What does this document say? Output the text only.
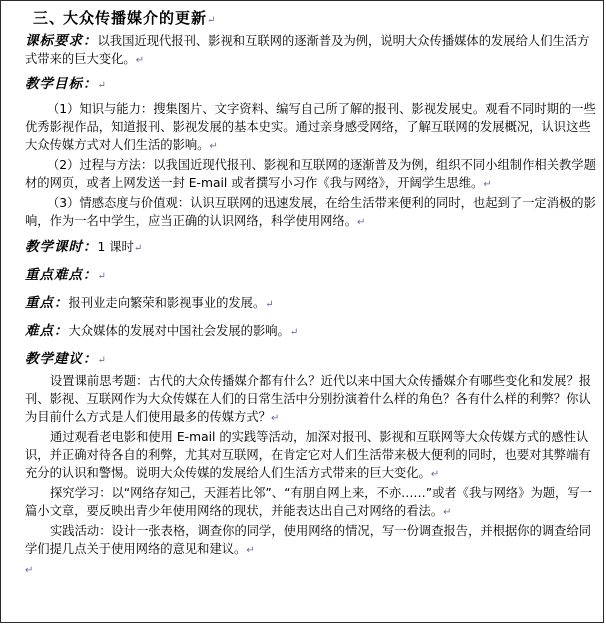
三、大众传播媒介的更新↵

课标要求：以我国近现代报刊、影视和互联网的逐渐普及为例，说明大众传播媒体的发展给人们生活方式带来的巨大变化。↵

教学目标：↵

（1）知识与能力：搜集图片、文字资料、编写自己所了解的报刊、影视发展史。观看不同时期的一些优秀影视作品，知道报刊、影视发展的基本史实。通过亲身感受网络，了解互联网的发展概况，认识这些大众传媒方式对人们生活的影响。↵

（2）过程与方法：以我国近现代报刊、影视和互联网的逐渐普及为例，组织不同小组制作相关教学题材的网页，或者上网发送一封 E-mail 或者撰写小习作《我与网络》，开阔学生思维。↵

（3）情感态度与价值观：认识互联网的迅速发展，在给生活带来便利的同时，也起到了一定消极的影响，作为一名中学生，应当正确的认识网络，科学使用网络。↵

教学课时：1 课时↵
重点难点：↵
重点：报刊业走向繁荣和影视事业的发展。↵
难点：大众媒体的发展对中国社会发展的影响。↵
教学建议：↵

设置课前思考题：古代的大众传播媒介都有什么？近代以来中国大众传播媒介有哪些变化和发展？报刊、影视、互联网作为大众传媒在人们的日常生活中分别扮演着什么样的角色？各有什么样的利弊？你认为目前什么方式是人们使用最多的传媒方式？↵

通过观看老电影和使用 E-mail 的实践等活动，加深对报刊、影视和互联网等大众传媒方式的感性认识，并正确对待各自的利弊，尤其对互联网，在肯定它对人们生活带来极大便利的同时，也要对其弊端有充分的认识和警惕。说明大众传媒的发展给人们生活方式带来的巨大变化。↵

探究学习：以“网络存知己，天涯若比邻”、“有朋自网上来，不亦……”或者《我与网络》为题，写一篇小文章，要反映出青少年使用网络的现状，并能表达出自己对网络的看法。↵

实践活动：设计一张表格，调查你的同学，使用网络的情况，写一份调查报告，并根据你的调查给同学们提几点关于使用网络的意见和建议。↵

↵
